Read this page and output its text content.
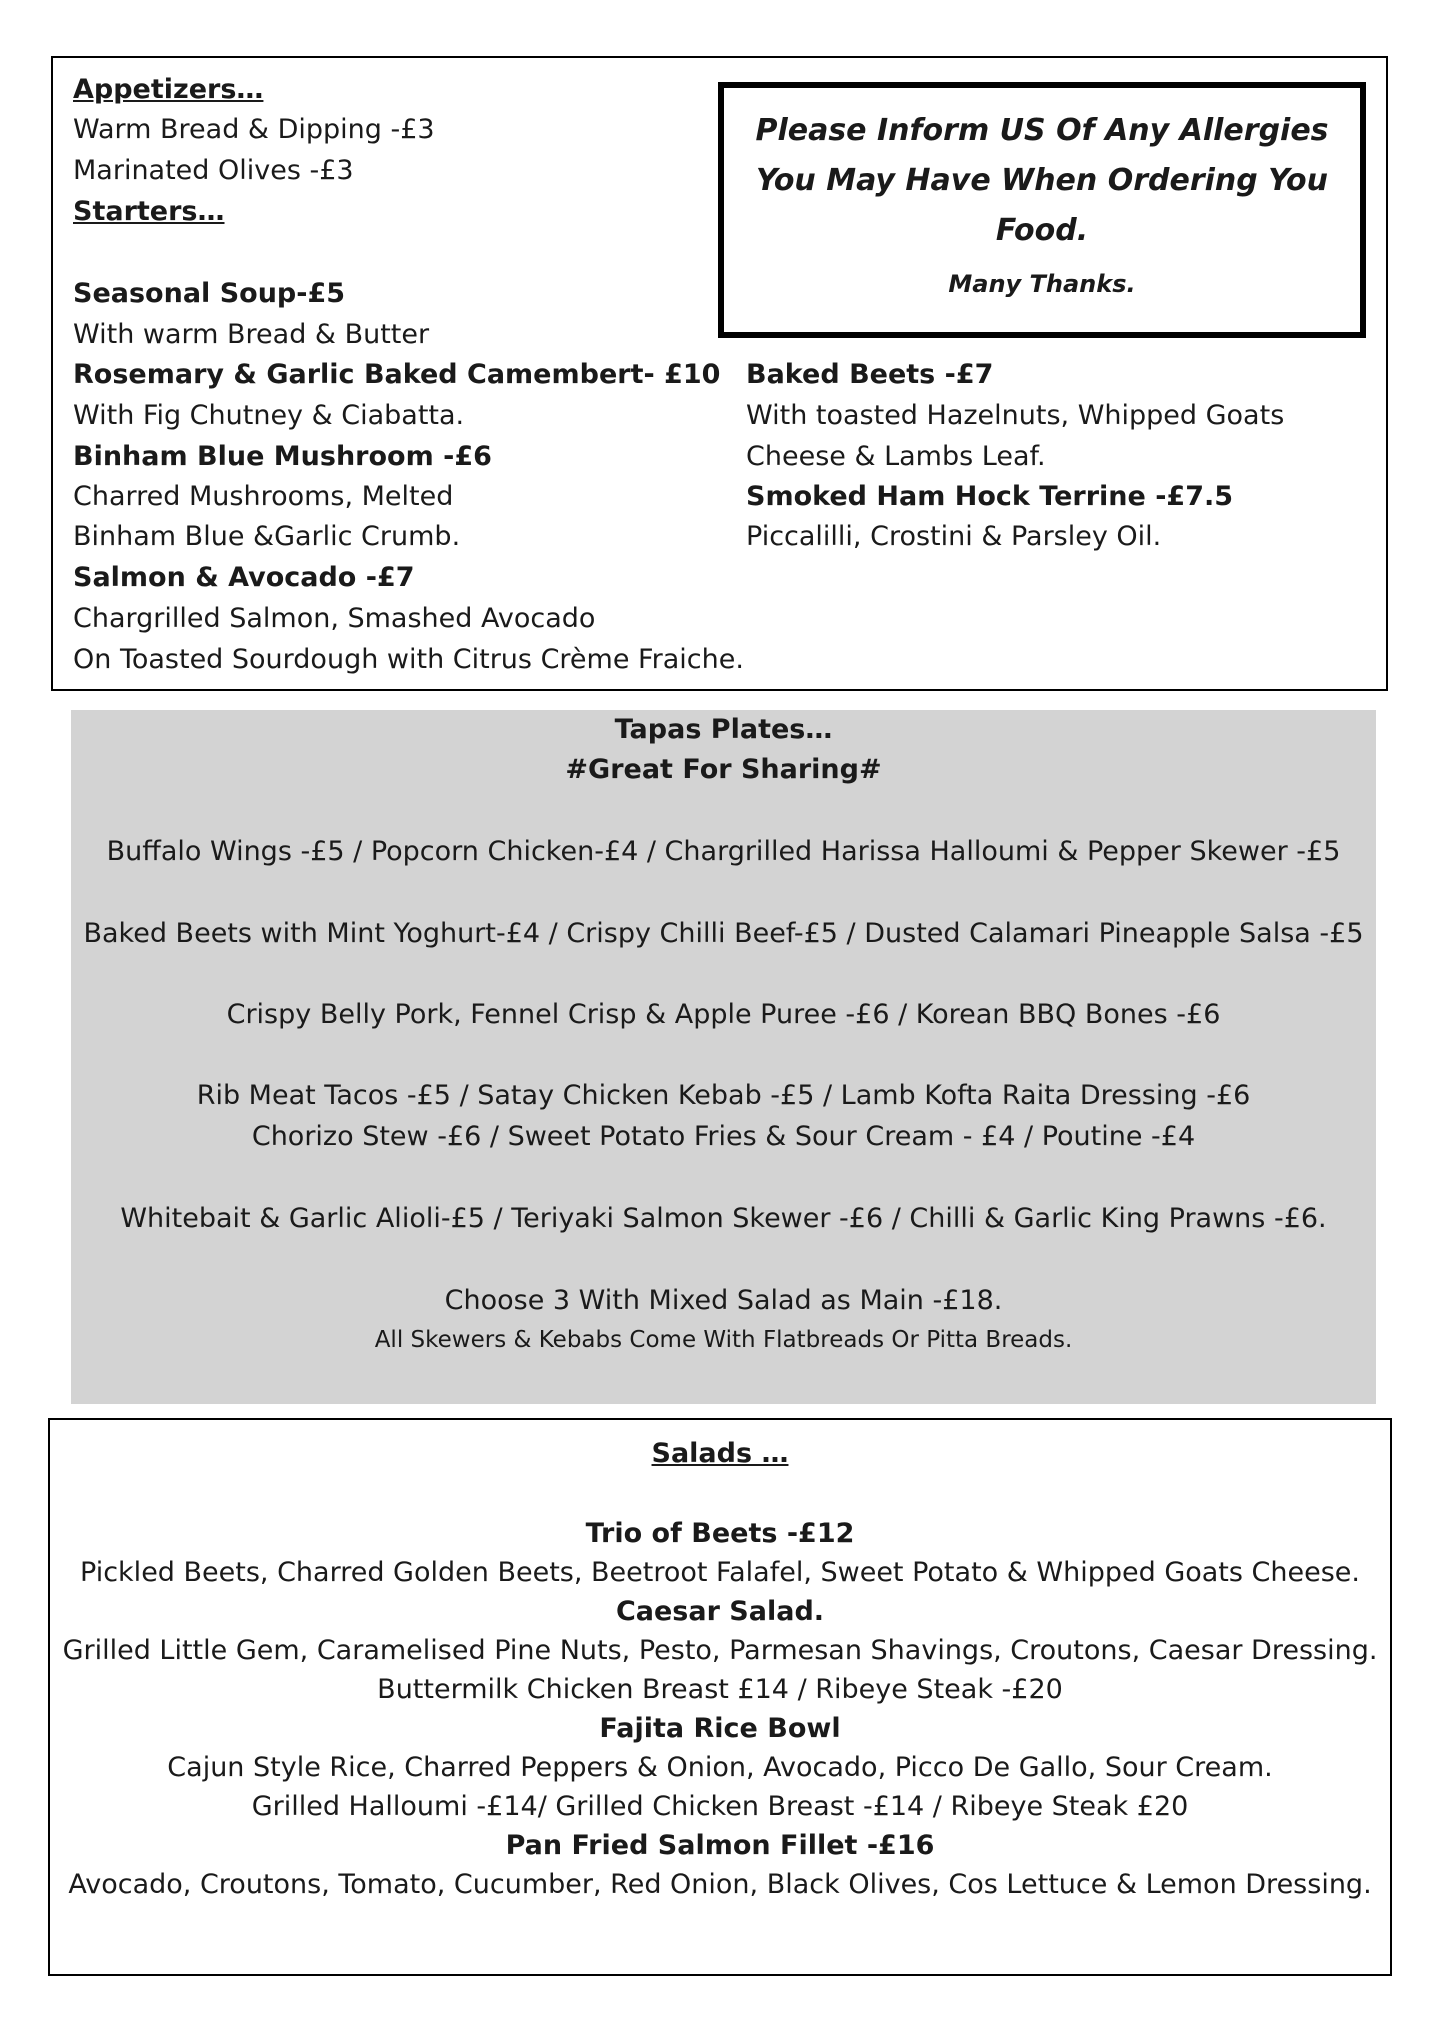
Please Inform US Of Any Allergies
You May Have When Ordering You
Food.
Many Thanks.
Appetizers…
Warm Bread & Dipping -£3
Marinated Olives -£3
Starters…
Seasonal Soup-£5
With warm Bread & Butter
Rosemary & Garlic Baked Camembert- £10
With Fig Chutney & Ciabatta.
Binham Blue Mushroom -£6
Charred Mushrooms, Melted
Binham Blue &Garlic Crumb.
Salmon & Avocado -£7
Chargrilled Salmon, Smashed Avocado
On Toasted Sourdough with Citrus Crème Fraiche.
Baked Beets -£7
With toasted Hazelnuts, Whipped Goats
Cheese & Lambs Leaf.
Smoked Ham Hock Terrine -£7.5
Piccalilli, Crostini & Parsley Oil.
Tapas Plates…
#Great For Sharing#
Buffalo Wings -£5 / Popcorn Chicken-£4 / Chargrilled Harissa Halloumi & Pepper Skewer -£5
Baked Beets with Mint Yoghurt-£4 / Crispy Chilli Beef-£5 / Dusted Calamari Pineapple Salsa -£5
Crispy Belly Pork, Fennel Crisp & Apple Puree -£6 / Korean BBQ Bones -£6
Rib Meat Tacos -£5 / Satay Chicken Kebab -£5 / Lamb Kofta Raita Dressing -£6
Chorizo Stew -£6 / Sweet Potato Fries & Sour Cream - £4 / Poutine -£4
Whitebait & Garlic Alioli-£5 / Teriyaki Salmon Skewer -£6 / Chilli & Garlic King Prawns -£6.
Choose 3 With Mixed Salad as Main -£18.
All Skewers & Kebabs Come With Flatbreads Or Pitta Breads.
Salads …
Trio of Beets -£12
Pickled Beets, Charred Golden Beets, Beetroot Falafel, Sweet Potato & Whipped Goats Cheese.
Caesar Salad.
Grilled Little Gem, Caramelised Pine Nuts, Pesto, Parmesan Shavings, Croutons, Caesar Dressing.
Buttermilk Chicken Breast £14 / Ribeye Steak -£20
Fajita Rice Bowl
Cajun Style Rice, Charred Peppers & Onion, Avocado, Picco De Gallo, Sour Cream.
Grilled Halloumi -£14/ Grilled Chicken Breast -£14 / Ribeye Steak £20
Pan Fried Salmon Fillet -£16
Avocado, Croutons, Tomato, Cucumber, Red Onion, Black Olives, Cos Lettuce & Lemon Dressing.
